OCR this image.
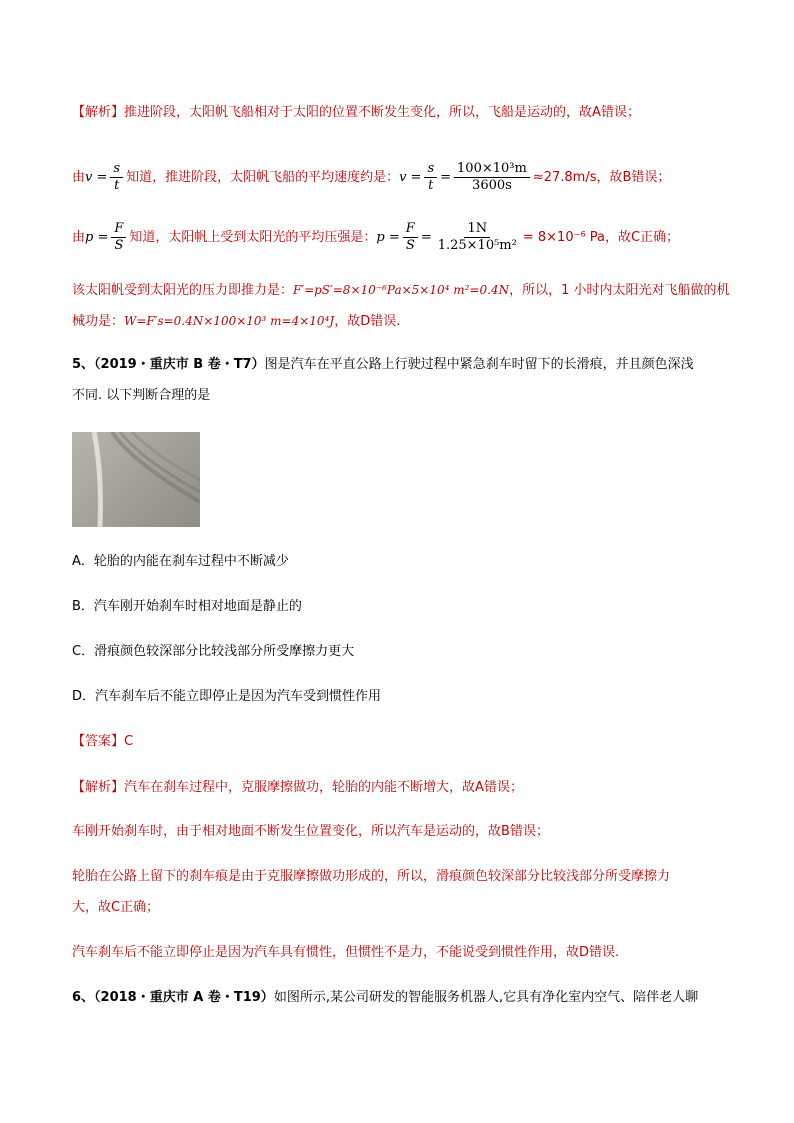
【解析】推进阶段，太阳帆飞船相对于太阳的位置不断发生变化，所以，飞船是运动的，故A错误；
由$v = \frac{s}{t}$ 知道，推进阶段，太阳帆飞船的平均速度约是：$v = \frac{s}{t} = \frac{\text{100×10³m}}{3600s} \approx 27.8m/s$，故B错误；
由$p = \frac{F}{S}$ 知道，太阳帆上受到太阳光的平均压强是：$p = \frac{F}{S} = \frac{1N}{\text{1.25×10⁵m²}} = 8\times 10^{-6}$ Pa，故C正确；
该太阳帆受到太阳光的压力即推力是：F′=pS′=8×10⁻⁶Pa×5×10⁴ m²=0.4N，所以，1 小时内太阳光对飞船做的机
械功是：W=F′s=0.4N×100×10³ m=4×10⁴J，故D错误.
5、（2019・重庆市 B 卷・T7）图是汽车在平直公路上行驶过程中紧急刹车时留下的长滑痕，并且颜色深浅
不同. 以下判断合理的是
A．轮胎的内能在刹车过程中不断减少
B．汽车刚开始刹车时相对地面是静止的
C．滑痕颜色较深部分比较浅部分所受摩擦力更大
D．汽车刹车后不能立即停止是因为汽车受到惯性作用
【答案】C
【解析】汽车在刹车过程中，克服摩擦做功，轮胎的内能不断增大，故A错误；
车刚开始刹车时，由于相对地面不断发生位置变化，所以汽车是运动的，故B错误；
轮胎在公路上留下的刹车痕是由于克服摩擦做功形成的，所以，滑痕颜色较深部分比较浅部分所受摩擦力
大，故C正确；
汽车刹车后不能立即停止是因为汽车具有惯性，但惯性不是力，不能说受到惯性作用，故D错误.
6、（2018・重庆市 A 卷・T19）如图所示,某公司研发的智能服务机器人,它具有净化室内空气、陪伴老人聊
